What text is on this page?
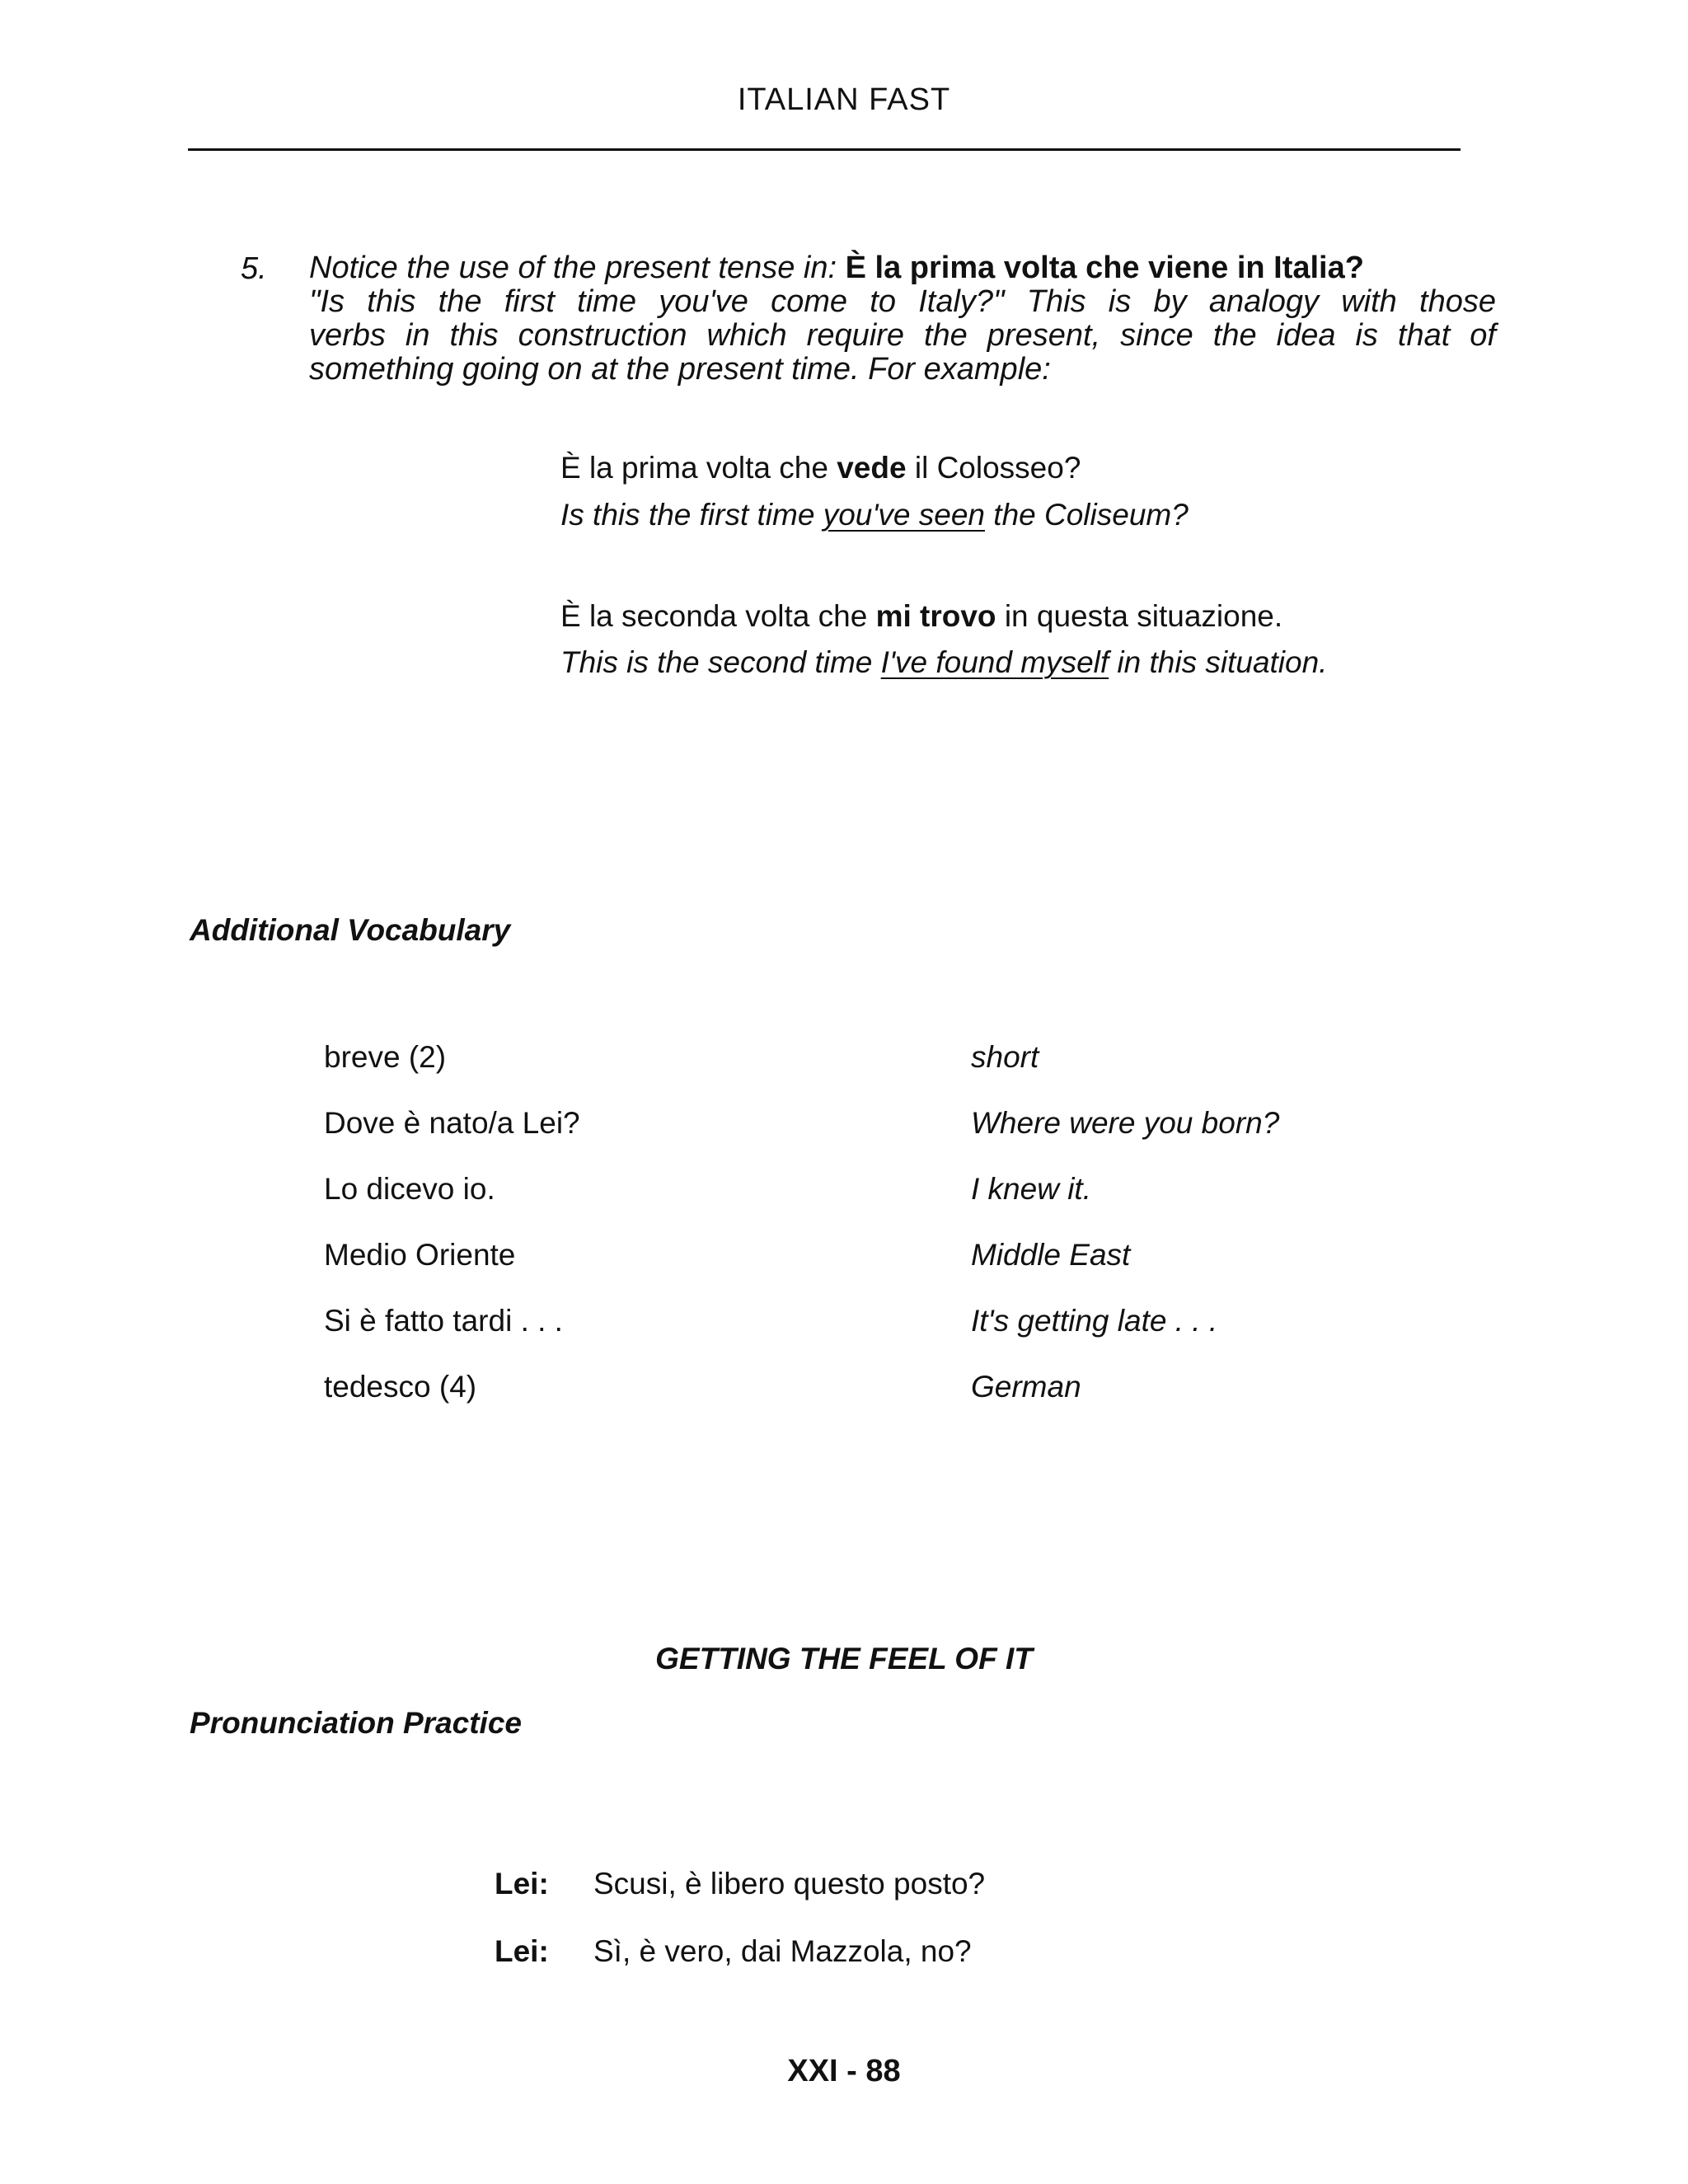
ITALIAN FAST
5. Notice the use of the present tense in: È la prima volta che viene in Italia?
"Is this the first time you've come to Italy?" This is by analogy with those
verbs in this construction which require the present, since the idea is that of
something going on at the present time. For example:
È la prima volta che vede il Colosseo?
Is this the first time you've seen the Coliseum?
È la seconda volta che mi trovo in questa situazione.
This is the second time I've found myself in this situation.
Additional Vocabulary
breve (2)	short
Dove è nato/a Lei?	Where were you born?
Lo dicevo io.	I knew it.
Medio Oriente	Middle East
Si è fatto tardi . . .	It's getting late . . .
tedesco (4)	German
GETTING THE FEEL OF IT
Pronunciation Practice
Lei: Scusi, è libero questo posto?
Lei: Sì, è vero, dai Mazzola, no?
XXI - 88
